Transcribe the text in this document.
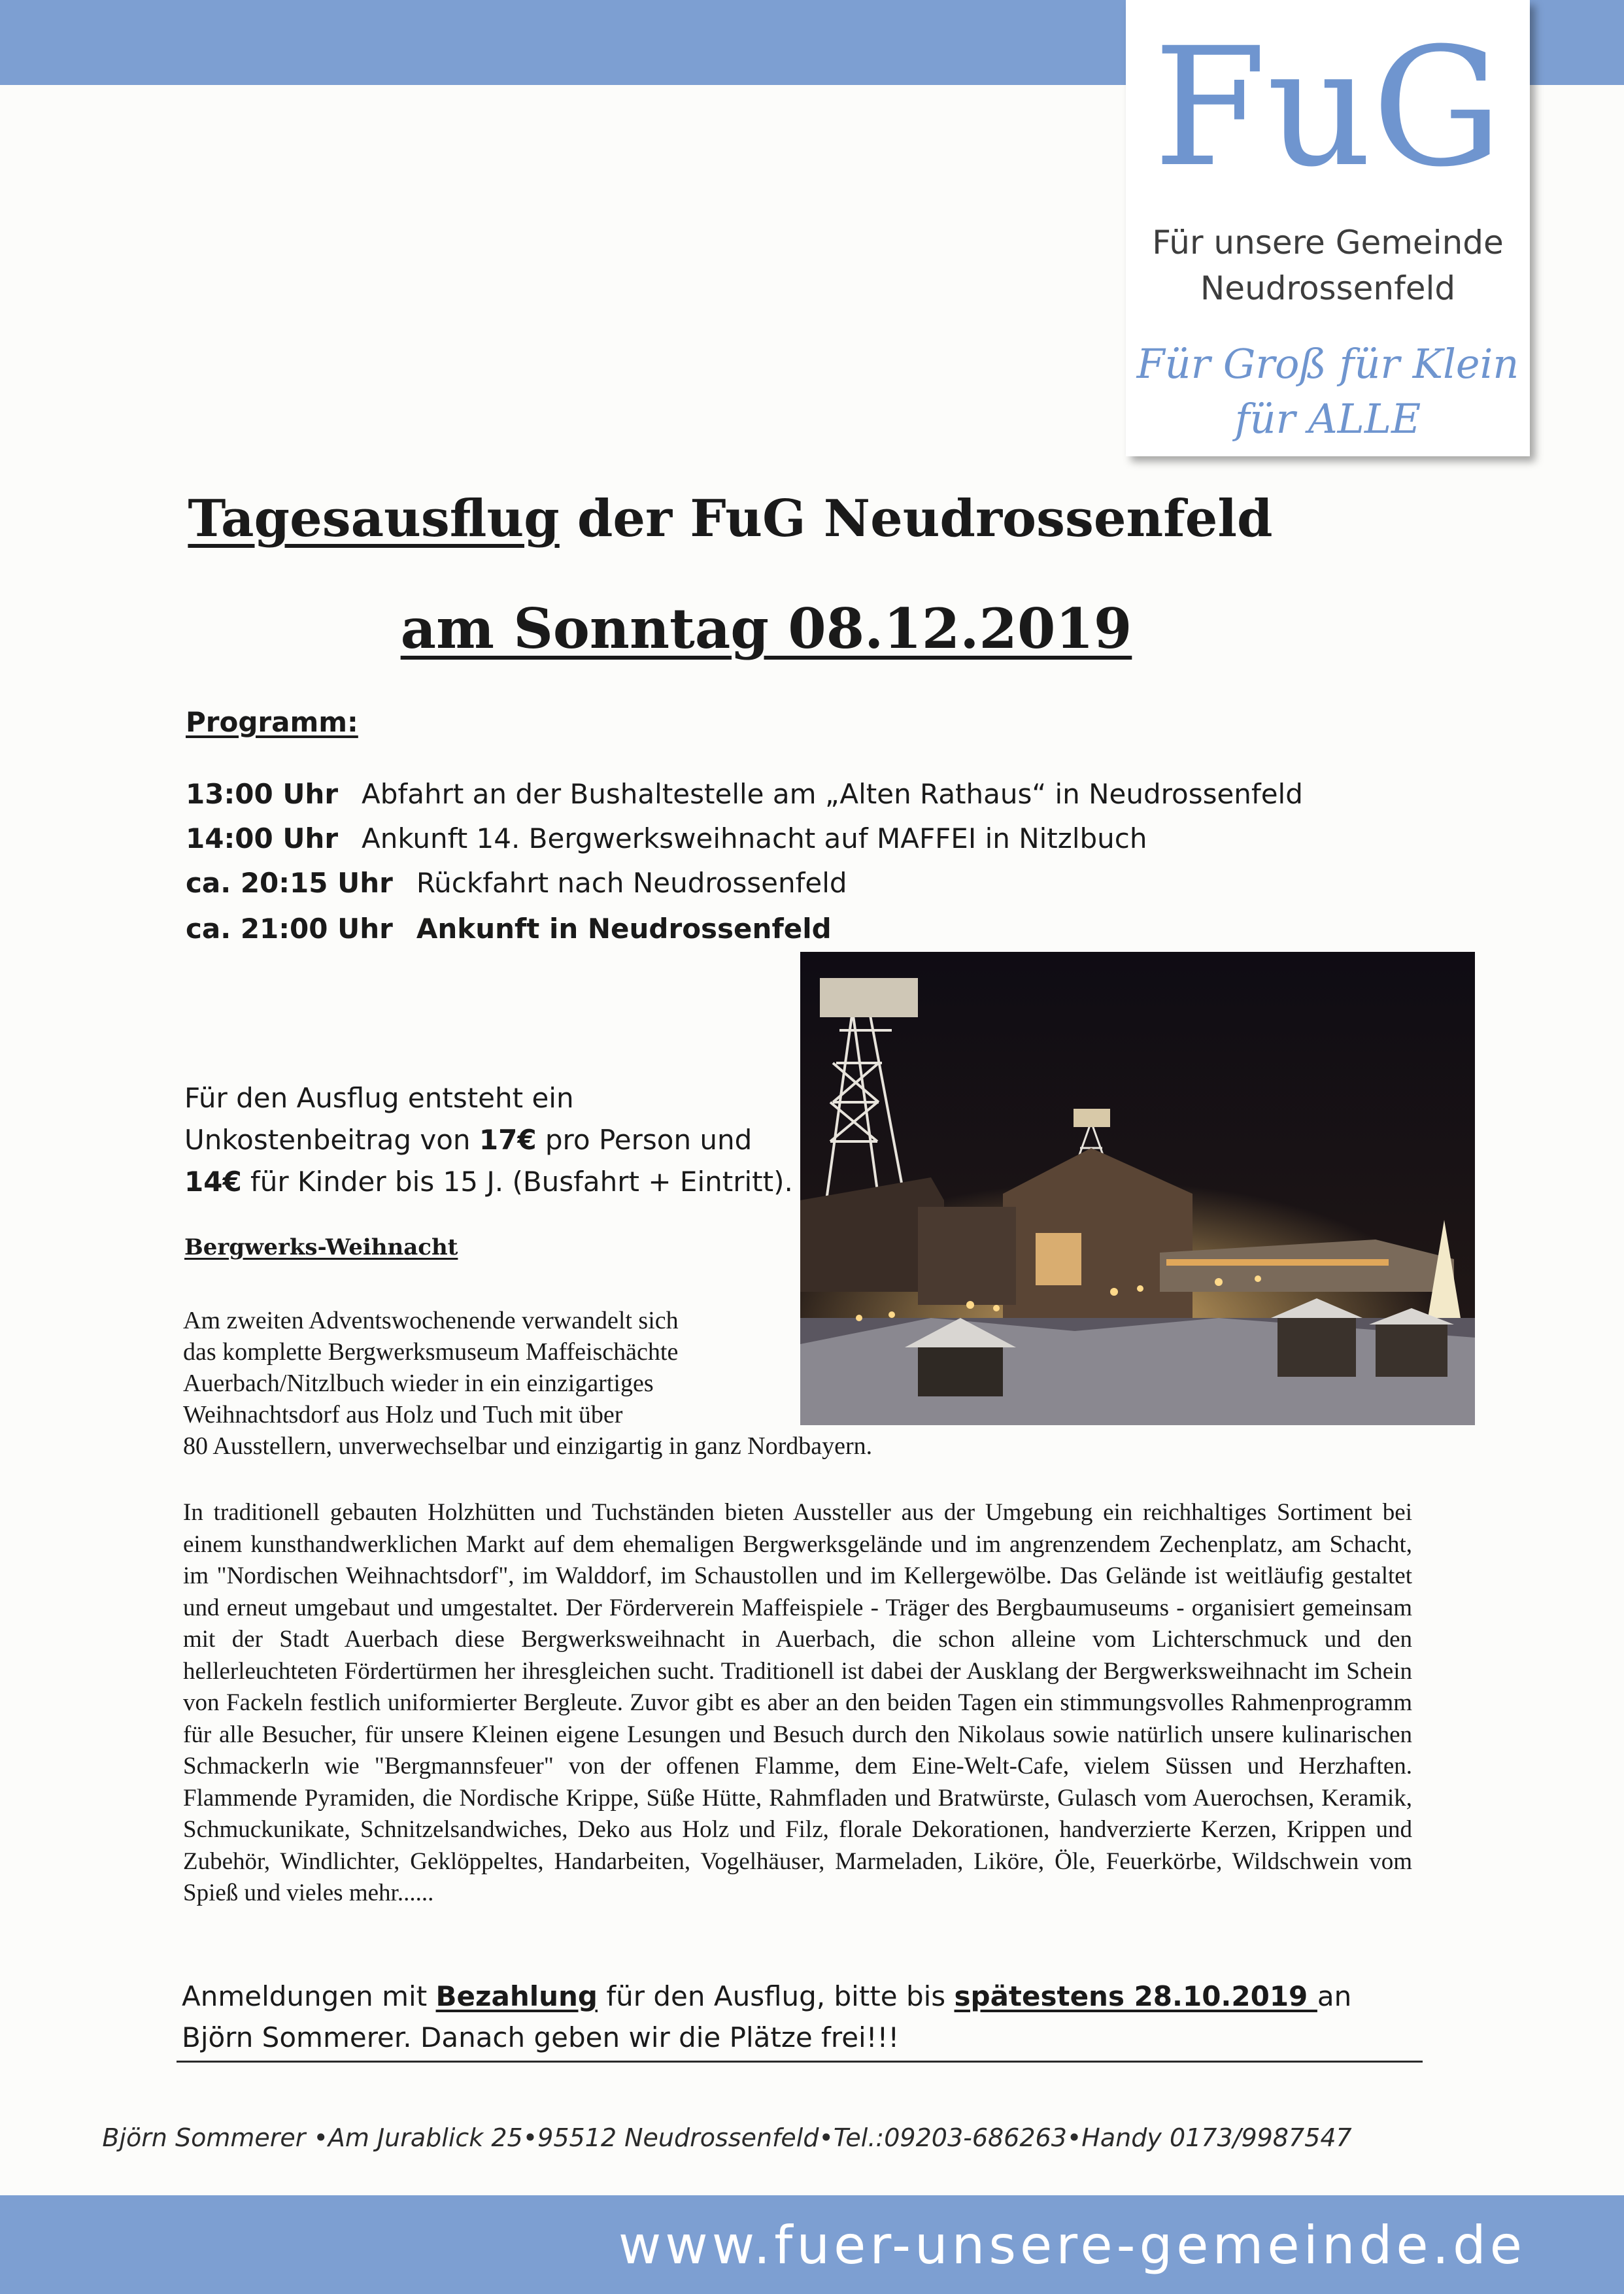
FuG
Für unsere Gemeinde
Neudrossenfeld
Für Groß für Klein
für ALLE
Tagesausflug der FuG Neudrossenfeld
am Sonntag 08.12.2019
Programm:
13:00 Uhr Abfahrt an der Bushaltestelle am „Alten Rathaus“ in Neudrossenfeld
14:00 Uhr Ankunft 14. Bergwerksweihnacht auf MAFFEI in Nitzlbuch
ca. 20:15 Uhr Rückfahrt nach Neudrossenfeld
ca. 21:00 Uhr Ankunft in Neudrossenfeld
Für den Ausflug entsteht ein
Unkostenbeitrag von 17€ pro Person und
14€ für Kinder bis 15 J. (Busfahrt + Eintritt).
Bergwerks-Weihnacht
Am zweiten Adventswochenende verwandelt sich
das komplette Bergwerksmuseum Maffeischächte
Auerbach/Nitzlbuch wieder in ein einzigartiges
Weihnachtsdorf aus Holz und Tuch mit über
80 Ausstellern, unverwechselbar und einzigartig in ganz Nordbayern.
In traditionell gebauten Holzhütten und Tuchständen bieten Aussteller aus der Umgebung ein reichhaltiges Sortiment bei einem kunsthandwerklichen Markt auf dem ehemaligen Bergwerksgelände und im angrenzendem Zechenplatz, am Schacht, im "Nordischen Weihnachtsdorf", im Walddorf, im Schaustollen und im Kellergewölbe. Das Gelände ist weitläufig gestaltet und erneut umgebaut und umgestaltet. Der Förderverein Maffeispiele - Träger des Bergbaumuseums - organisiert gemeinsam mit der Stadt Auerbach diese Bergwerksweihnacht in Auerbach, die schon alleine vom Lichterschmuck und den hellerleuchteten Fördertürmen her ihresgleichen sucht. Traditionell ist dabei der Ausklang der Bergwerksweihnacht im Schein von Fackeln festlich uniformierter Bergleute. Zuvor gibt es aber an den beiden Tagen ein stimmungsvolles Rahmenprogramm für alle Besucher, für unsere Kleinen eigene Lesungen und Besuch durch den Nikolaus sowie natürlich unsere kulinarischen Schmackerln wie "Bergmannsfeuer" von der offenen Flamme, dem Eine-Welt-Cafe, vielem Süssen und Herzhaften. Flammende Pyramiden, die Nordische Krippe, Süße Hütte, Rahmfladen und Bratwürste, Gulasch vom Auerochsen, Keramik, Schmuckunikate, Schnitzelsandwiches, Deko aus Holz und Filz, florale Dekorationen, handverzierte Kerzen, Krippen und Zubehör, Windlichter, Geklöppeltes, Handarbeiten, Vogelhäuser, Marmeladen, Liköre, Öle, Feuerkörbe, Wildschwein vom Spieß und vieles mehr......
Anmeldungen mit Bezahlung für den Ausflug, bitte bis spätestens 28.10.2019 an Björn Sommerer. Danach geben wir die Plätze frei!!!
Björn Sommerer •Am Jurablick 25•95512 Neudrossenfeld•Tel.:09203-686263•Handy 0173/9987547
www.fuer-unsere-gemeinde.de
